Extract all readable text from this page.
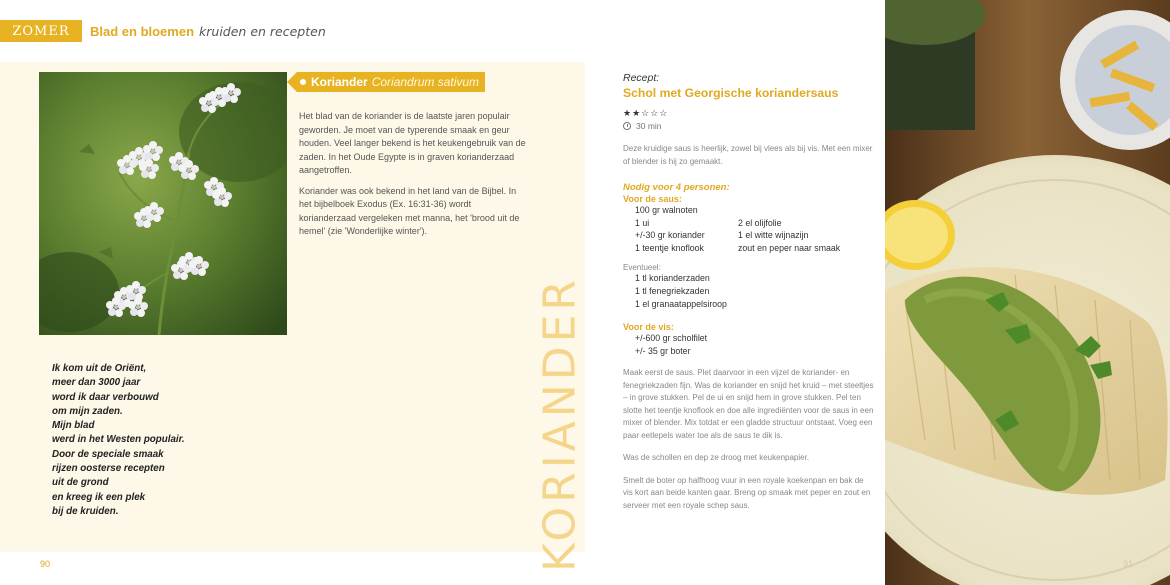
ZOMER Blad en bloemen kruiden en recepten
Koriander Coriandrum sativum

Het blad van de koriander is de laatste jaren populair geworden. Je moet van de typerende smaak en geur houden. Veel langer bekend is het keukengebruik van de zaden. In het Oude Egypte is in graven korianderzaad aangetroffen.

Koriander was ook bekend in het land van de Bijbel. In het bijbelboek Exodus (Ex. 16:31-36) wordt korianderzaad vergeleken met manna, het 'brood uit de hemel' (zie 'Wonderlijke winter').

Ik kom uit de Oriënt,
meer dan 3000 jaar
word ik daar verbouwd
om mijn zaden.
Mijn blad
werd in het Westen populair.
Door de speciale smaak
rijzen oosterse recepten
uit de grond
en kreeg ik een plek
bij de kruiden.	KORIANDER
90
Recept:
Schol met Georgische koriandersaus
★★☆☆☆
30 min
Deze kruidige saus is heerlijk, zowel bij vlees als bij vis. Met een mixer of blender is hij zo gemaakt.
Nodig voor 4 personen:
Voor de saus:
100 gr walnoten
1 ui	2 el olijfolie
+/-30 gr koriander	1 el witte wijnazijn
1 teentje knoflook	zout en peper naar smaak
Eventueel:
1 tl korianderzaden
1 tl fenegriekzaden
1 el granaatappelsiroop
Voor de vis:
+/-600 gr scholfilet
+/- 35 gr boter

Maak eerst de saus. Plet daarvoor in een vijzel de koriander- en fenegriekzaden fijn. Was de koriander en snijd het kruid – met steeltjes – in grove stukken. Pel de ui en snijd hem in grove stukken. Pel ten slotte het teentje knoflook en doe alle ingrediënten voor de saus in een mixer of blender. Mix totdat er een gladde structuur ontstaat. Voeg een paar eetlepels water toe als de saus te dik is.

Was de schollen en dep ze droog met keukenpapier.

Smelt de boter op halfhoog vuur in een royale koekenpan en bak de vis kort aan beide kanten gaar. Breng op smaak met peper en zout en serveer met een royale schep saus.

91
